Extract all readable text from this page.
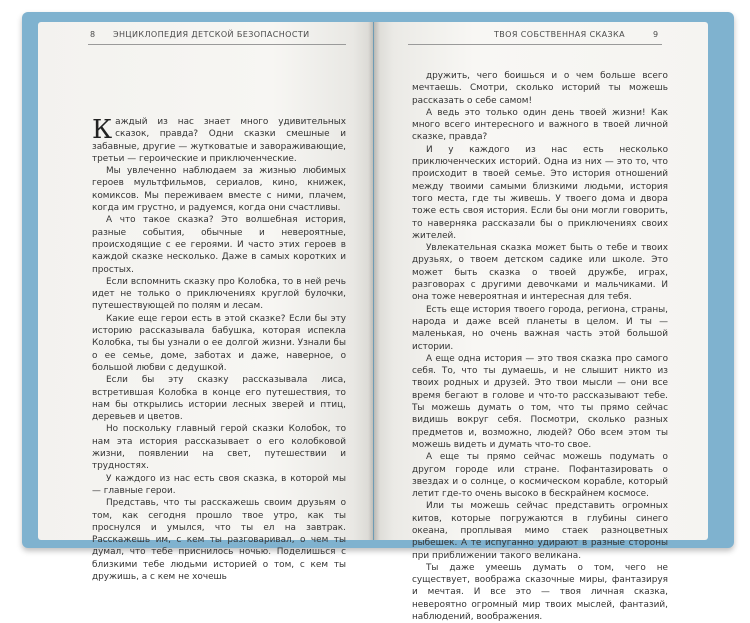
8 ЭНЦИКЛОПЕДИЯ ДЕТСКОЙ БЕЗОПАСНОСТИ	ТВОЯ СОБСТВЕННАЯ СКАЗКА	9

Каждый из нас знает много удивительных сказок, правда? Одни сказки смешные и забавные, другие — жутковатые и завораживающие, третьи — героические и приключенческие.

Мы увлеченно наблюдаем за жизнью любимых героев мультфильмов, сериалов, кино, книжек, комиксов. Мы переживаем вместе с ними, плачем, когда им грустно, и радуемся, когда они счастливы.

А что такое сказка? Это волшебная история, разные события, обычные и невероятные, происходящие с ее героями. И частo этих героев в каждой сказке несколько. Даже в самых коротких и простых.

Если вспомнить сказку про Колобка, то в ней речь идет не только о приключениях круглой булочки, путешествующей по полям и лесам.

Какие еще герои есть в этой сказке? Если бы эту историю рассказывала бабушка, которая испекла Колобка, ты бы узнали о ее долгой жизни. Узнали бы о ее семье, доме, заботах и даже, наверное, о большой любви с дедушкой.

Если бы эту сказку рассказывала лиса, встретившая Колобка в конце его путешествия, то нам бы открылись истории лесных зверей и птиц, деревьев и цветов.

Но поскольку главный герой сказки Колобок, то нам эта история рассказывает о его колобковой жизни, появлении на свет, путешествии и трудностях.

У каждого из нас есть своя сказка, в которой мы — главные герои.

Представь, что ты расскажешь своим друзьям о том, как сегодня прошло твое утро, как ты проснулся и умылся, что ты ел на завтрак. Расскажешь им, с кем ты разговаривал, о чем ты думал, что тебе приснилось ночью. Поделишься с близкими тебе людьми историей о том, с кем ты дружишь, а с кем не хочешь

дружить, чего боишься и о чем больше всего мечтаешь. Смотри, сколько историй ты можешь рассказать о себе самом!

А ведь это только один день твоей жизни! Как много всего интересного и важного в твоей личной сказке, правда?

И у каждого из нас есть несколько приключенческих историй. Одна из них — это то, что происходит в твоей семье. Это история отношений между твоими самыми близкими людьми, история того места, где ты живешь. У твоего дома и двора тоже есть своя история. Если бы они могли говорить, то наверняка рассказали бы о приключениях своих жителей.

Увлекательная сказка может быть о тебе и твоих друзьях, о твоем детском садике или школе. Это может быть сказка о твоей дружбе, играх, разговорах с другими девочками и мальчиками. И она тоже невероятная и интересная для тебя.

Есть еще история твоего города, региона, страны, народа и даже всей планеты в целом. И ты — маленькая, но очень важная часть этой большой истории.

А еще одна история — это твоя сказка про самого себя. То, что ты думаешь, и не слышит никто из твоих родных и друзей. Это твои мысли — они все время бегают в голове и что-то рассказывают тебе. Ты можешь думать о том, что ты прямо сейчас видишь вокруг себя. Посмотри, сколько разных предметов и, возможно, людей? Обо всем этом ты можешь видеть и думать что-то свое.

А еще ты прямо сейчас можешь подумать о другом городе или стране. Пофантазировать о звездах и о солнце, о космическом корабле, который летит где-то очень высоко в бескрайнем космосе.

Или ты можешь сейчас представить огромных китов, которые погружаются в глубины синего океана, проплывая мимо стаек разноцветных рыбешек. А те испуганно удирают в разные стороны при приближении такого великана.

Ты даже умеешь думать о том, чего не существует, вообража сказочные миры, фантазируя и мечтая. И все это — твоя личная сказка, невероятно огромный мир твоих мыслей, фантазий, наблюдений, воображения.
